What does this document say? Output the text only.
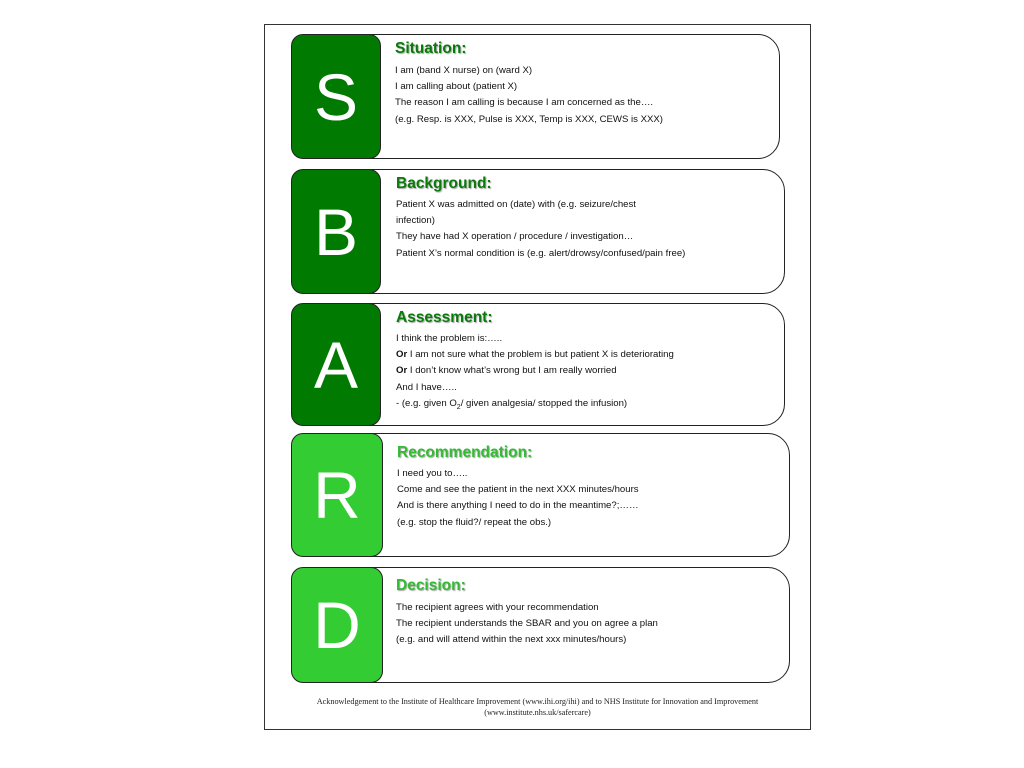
S
Situation:
I am (band X nurse) on (ward X)
I am calling about (patient X)
The reason I am calling is because I am concerned as the….
(e.g. Resp. is XXX, Pulse is XXX, Temp is XXX, CEWS is XXX)
B
Background:
Patient X was admitted on (date) with (e.g. seizure/chest
infection)
They have had X operation / procedure / investigation…
Patient X’s normal condition is (e.g. alert/drowsy/confused/pain free)
A
Assessment:
I think the problem is:…..
Or I am not sure what the problem is but patient X is deteriorating
Or I don’t know what’s wrong but I am really worried
And I have…..
- (e.g. given $O_2/$ given analgesia/ stopped the infusion)
R
Recommendation:
I need you to…..
Come and see the patient in the next XXX minutes/hours
And is there anything I need to do in the meantime?;……
(e.g. stop the fluid?/ repeat the obs.)
D
Decision:
The recipient agrees with your recommendation
The recipient understands the SBAR and you on agree a plan
(e.g. and will attend within the next xxx minutes/hours)
Acknowledgement to the Institute of Healthcare Improvement (www.ihi.org/ihi) and to NHS Institute for Innovation and Improvement
(www.institute.nhs.uk/safercare)
